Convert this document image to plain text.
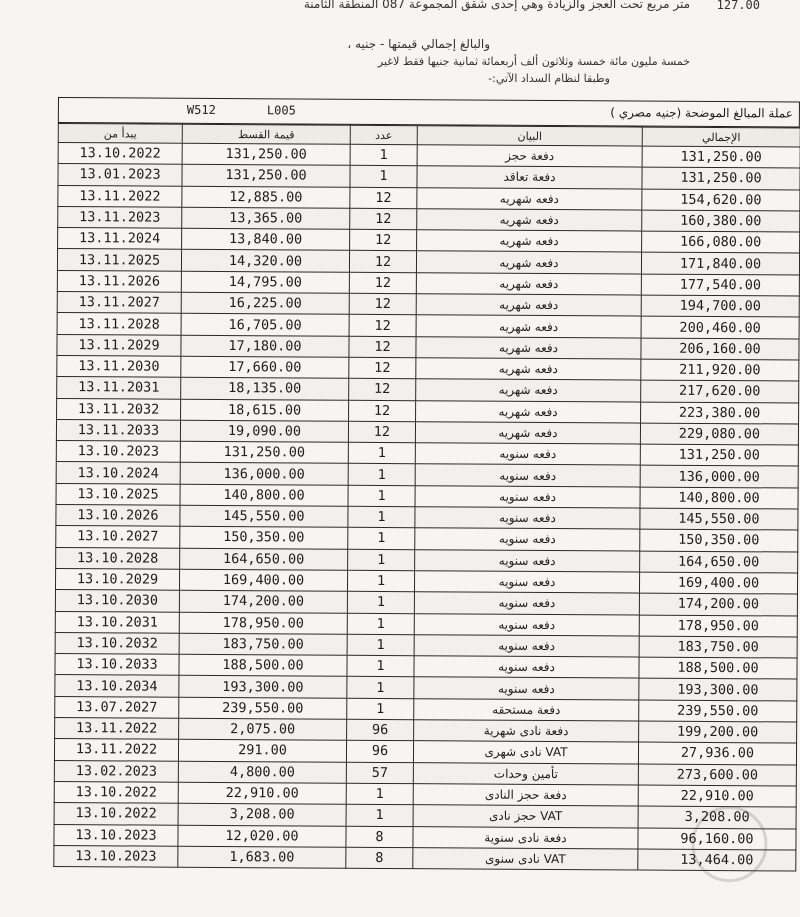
127.00
متر مربع تحت العجز والزيادة وهي إحدى شقق المجموعة 087 المنطقة الثامنة
والبالغ إجمالي قيمتها - جنيه ،
خمسة مليون مائة خمسة وثلاثون ألف أربعمائة ثمانية جنيها فقط لاغير
وطبقا لنظام السداد الآتي:-
W512	L005	عملة المبالغ الموضحة (جنيه مصري )
يبدأ من	قيمة القسط	عدد	البيان	الإجمالي
13.10.2022	131,250.00	1	دفعة حجز	131,250.00
13.01.2023	131,250.00	1	دفعة تعاقد	131,250.00
13.11.2022	12,885.00	12	دفعه شهريه	154,620.00
13.11.2023	13,365.00	12	دفعه شهريه	160,380.00
13.11.2024	13,840.00	12	دفعه شهريه	166,080.00
13.11.2025	14,320.00	12	دفعه شهريه	171,840.00
13.11.2026	14,795.00	12	دفعه شهريه	177,540.00
13.11.2027	16,225.00	12	دفعه شهريه	194,700.00
13.11.2028	16,705.00	12	دفعه شهريه	200,460.00
13.11.2029	17,180.00	12	دفعه شهريه	206,160.00
13.11.2030	17,660.00	12	دفعه شهريه	211,920.00
13.11.2031	18,135.00	12	دفعه شهريه	217,620.00
13.11.2032	18,615.00	12	دفعه شهريه	223,380.00
13.11.2033	19,090.00	12	دفعه شهريه	229,080.00
13.10.2023	131,250.00	1	دفعه سنويه	131,250.00
13.10.2024	136,000.00	1	دفعه سنويه	136,000.00
13.10.2025	140,800.00	1	دفعه سنويه	140,800.00
13.10.2026	145,550.00	1	دفعه سنويه	145,550.00
13.10.2027	150,350.00	1	دفعه سنويه	150,350.00
13.10.2028	164,650.00	1	دفعه سنويه	164,650.00
13.10.2029	169,400.00	1	دفعه سنويه	169,400.00
13.10.2030	174,200.00	1	دفعه سنويه	174,200.00
13.10.2031	178,950.00	1	دفعه سنويه	178,950.00
13.10.2032	183,750.00	1	دفعه سنويه	183,750.00
13.10.2033	188,500.00	1	دفعه سنويه	188,500.00
13.10.2034	193,300.00	1	دفعه سنويه	193,300.00
13.07.2027	239,550.00	1	دفعة مستحقه	239,550.00
13.11.2022	2,075.00	96	دفعة نادى شهرية	199,200.00
13.11.2022	291.00	96	VAT نادى شهرى	27,936.00
13.02.2023	4,800.00	57	تأمين وحدات	273,600.00
13.10.2022	22,910.00	1	دفعة حجز النادى	22,910.00
13.10.2022	3,208.00	1	VAT حجز نادى	3,208.00
13.10.2023	12,020.00	8	دفعة نادى سنوية	96,160.00
13.10.2023	1,683.00	8	VAT نادى سنوى	13,464.00
